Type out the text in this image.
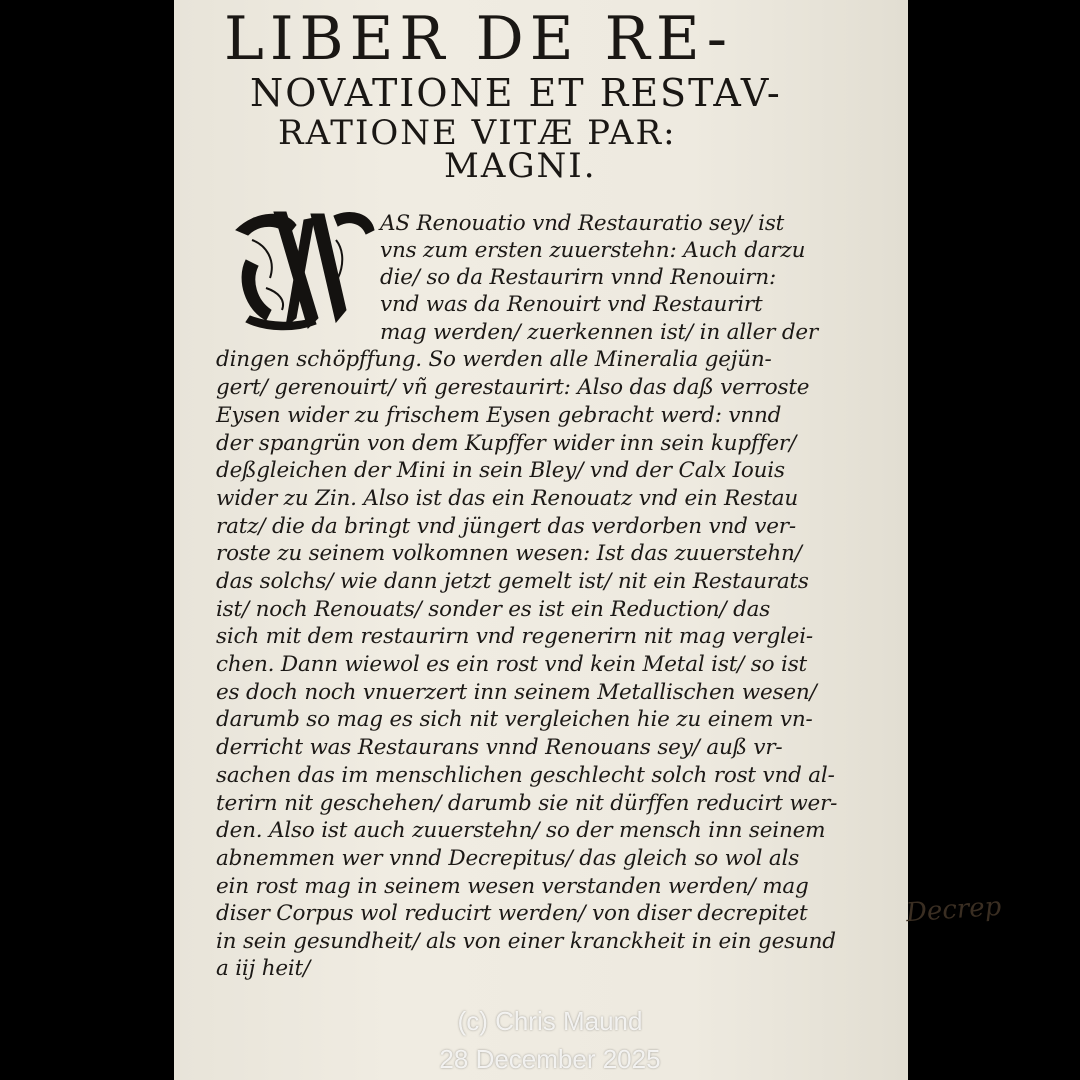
LIBER DE RE-
NOVATIONE ET RESTAV-
RATIONE VITÆ PAR:
MAGNI.
AS Renouatio vnd Restauratio sey/ ist
vns zum ersten zuuerstehn: Auch darzu
die/ so da Restaurirn vnnd Renouirn:
vnd was da Renouirt vnd Restaurirt
mag werden/ zuerkennen ist/ in aller der
dingen schöpffung. So werden alle Mineralia gejün-
gert/ gerenouirt/ vñ gerestaurirt: Also das daß verroste
Eysen wider zu frischem Eysen gebracht werd: vnnd
der spangrün von dem Kupffer wider inn sein kupffer/
deßgleichen der Mini in sein Bley/ vnd der Calx Iouis
wider zu Zin. Also ist das ein Renouatz vnd ein Restau
ratz/ die da bringt vnd jüngert das verdorben vnd ver-
roste zu seinem volkomnen wesen: Ist das zuuerstehn/
das solchs/ wie dann jetzt gemelt ist/ nit ein Restaurats
ist/ noch Renouats/ sonder es ist ein Reduction/ das
sich mit dem restaurirn vnd regenerirn nit mag verglei-
chen. Dann wiewol es ein rost vnd kein Metal ist/ so ist
es doch noch vnuerzert inn seinem Metallischen wesen/
darumb so mag es sich nit vergleichen hie zu einem vn-
derricht was Restaurans vnnd Renouans sey/ auß vr-
sachen das im menschlichen geschlecht solch rost vnd al-
terirn nit geschehen/ darumb sie nit dürffen reducirt wer-
den. Also ist auch zuuerstehn/ so der mensch inn seinem
abnemmen wer vnnd Decrepitus/ das gleich so wol als
ein rost mag in seinem wesen verstanden werden/ mag
diser Corpus wol reducirt werden/ von diser decrepitet
in sein gesundheit/ als von einer kranckheit in ein gesund
a iij heit/
Decrep
(c) Chris Maund
28 December 2025
